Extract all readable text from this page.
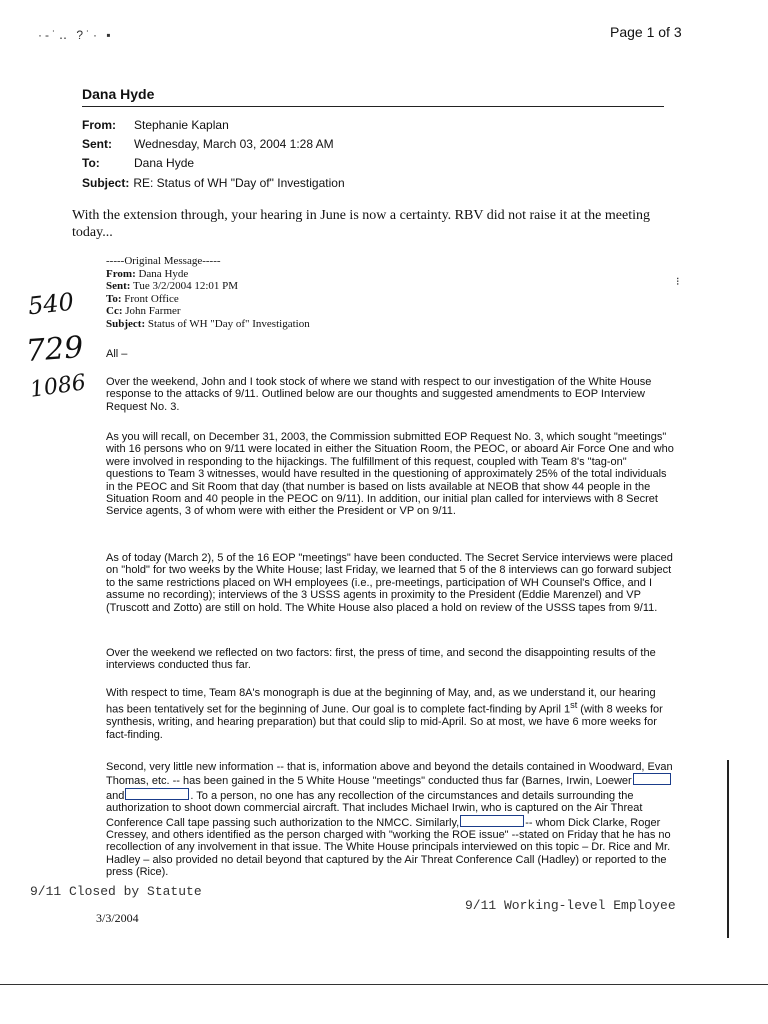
·-˙‥ ?˙· ▪	Page 1 of 3
Dana Hyde
From: Stephanie Kaplan
Sent: Wednesday, March 03, 2004 1:28 AM
To:	Dana Hyde
Subject: RE: Status of WH "Day of" Investigation
With the extension through, your hearing in June is now a certainty. RBV did not raise it at the meeting today...
-----Original Message-----
From: Dana Hyde
Sent: Tue 3/2/2004 12:01 PM
To: Front Office
Cc: John Farmer
Subject: Status of WH "Day of" Investigation
⁝
540
729
1086
All –
Over the weekend, John and I took stock of where we stand with respect to our investigation of the White House response to the attacks of 9/11. Outlined below are our thoughts and suggested amendments to EOP Interview Request No. 3.
As you will recall, on December 31, 2003, the Commission submitted EOP Request No. 3, which sought "meetings" with 16 persons who on 9/11 were located in either the Situation Room, the PEOC, or aboard Air Force One and who were involved in responding to the hijackings. The fulfillment of this request, coupled with Team 8's "tag-on" questions to Team 3 witnesses, would have resulted in the questioning of approximately 25% of the total individuals in the PEOC and Sit Room that day (that number is based on lists available at NEOB that show 44 people in the Situation Room and 40 people in the PEOC on 9/11). In addition, our initial plan called for interviews with 8 Secret Service agents, 3 of whom were with either the President or VP on 9/11.
As of today (March 2), 5 of the 16 EOP "meetings" have been conducted. The Secret Service interviews were placed on "hold" for two weeks by the White House; last Friday, we learned that 5 of the 8 interviews can go forward subject to the same restrictions placed on WH employees (i.e., pre-meetings, participation of WH Counsel's Office, and I assume no recording); interviews of the 3 USSS agents in proximity to the President (Eddie Marenzel) and VP (Truscott and Zotto) are still on hold. The White House also placed a hold on review of the USSS tapes from 9/11.
Over the weekend we reflected on two factors: first, the press of time, and second the disappointing results of the interviews conducted thus far.
With respect to time, Team 8A's monograph is due at the beginning of May, and, as we understand it, our hearing has been tentatively set for the beginning of June. Our goal is to complete fact-finding by April 1st (with 8 weeks for synthesis, writing, and hearing preparation) but that could slip to mid-April. So at most, we have 6 more weeks for fact-finding.
Second, very little new information -- that is, information above and beyond the details contained in Woodward, Evan Thomas, etc. -- has been gained in the 5 White House "meetings" conducted thus far (Barnes, Irwin, Loewerand	. To a person, no one has any recollection of the circumstances and details surrounding the authorization to shoot down commercial aircraft. That includes Michael Irwin, who is captured on the Air Threat Conference Call tape passing such authorization to the NMCC. Similarly,	-- whom Dick Clarke, Roger Cressey, and others identified as the person charged with "working the ROE issue" --stated on Friday that he has no recollection of any involvement in that issue. The White House principals interviewed on this topic – Dr. Rice and Mr. Hadley – also provided no detail beyond that captured by the Air Threat Conference Call (Hadley) or reported to the press (Rice).
9/11 Closed by Statute
9/11 Working-level Employee
3/3/2004
